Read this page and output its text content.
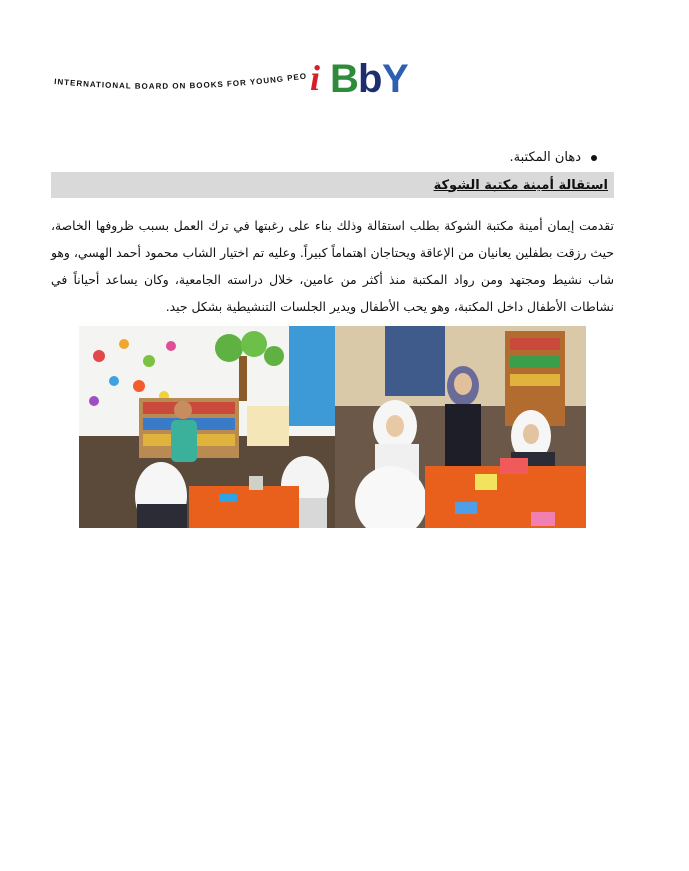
INTERNATIONAL BOARD ON BOOKS FOR YOUNG PEO i B b Y
دهان المكتبة.
استقالة أمينة مكتبة الشوكة

تقدمت إيمان أمينة مكتبة الشوكة بطلب استقالة وذلك بناء على رغبتها في ترك العمل بسبب ظروفها الخاصة، حيث رزقت بطفلين يعانيان من الإعاقة ويحتاجان اهتماماً كبيراً. وعليه تم اختيار الشاب محمود أحمد الهسي، وهو شاب نشيط ومجتهد ومن رواد المكتبة منذ أكثر من عامين، خلال دراسته الجامعية، وكان يساعد أحياناً في نشاطات الأطفال داخل المكتبة، وهو يحب الأطفال ويدير الجلسات التنشيطية بشكل جيد.
